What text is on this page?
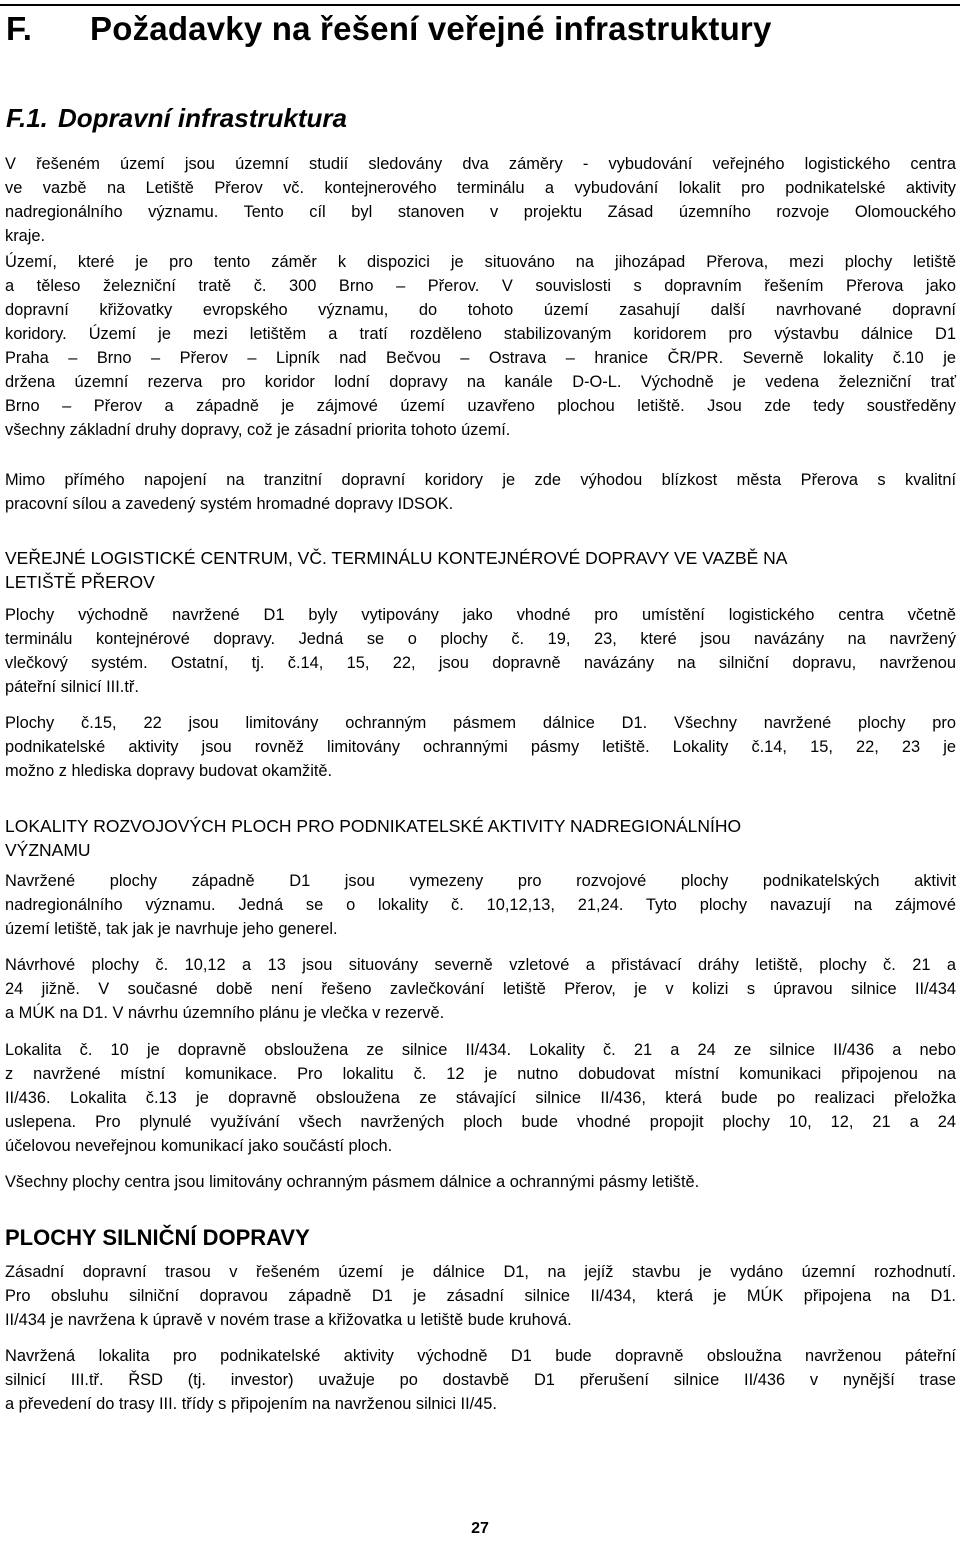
F. Požadavky na řešení veřejné infrastruktury
F.1. Dopravní infrastruktura
V řešeném území jsou územní studií sledovány dva záměry - vybudování veřejného logistického centra
ve vazbě na Letiště Přerov vč. kontejnerového terminálu a vybudování lokalit pro podnikatelské aktivity
nadregionálního významu. Tento cíl byl stanoven v projektu Zásad územního rozvoje Olomouckého
kraje.
Území, které je pro tento záměr k dispozici je situováno na jihozápad Přerova, mezi plochy letiště
a těleso železniční tratě č. 300 Brno – Přerov. V souvislosti s dopravním řešením Přerova jako
dopravní křižovatky evropského významu, do tohoto území zasahují další navrhované dopravní
koridory. Území je mezi letištěm a tratí rozděleno stabilizovaným koridorem pro výstavbu dálnice D1
Praha – Brno – Přerov – Lipník nad Bečvou – Ostrava – hranice ČR/PR. Severně lokality č.10 je
držena územní rezerva pro koridor lodní dopravy na kanále D-O-L. Východně je vedena železniční trať
Brno – Přerov a západně je zájmové území uzavřeno plochou letiště. Jsou zde tedy soustředěny
všechny základní druhy dopravy, což je zásadní priorita tohoto území.
Mimo přímého napojení na tranzitní dopravní koridory je zde výhodou blízkost města Přerova s kvalitní
pracovní sílou a zavedený systém hromadné dopravy IDSOK.
VEŘEJNÉ LOGISTICKÉ CENTRUM, VČ. TERMINÁLU KONTEJNÉROVÉ DOPRAVY VE VAZBĚ NA
LETIŠTĚ PŘEROV
Plochy východně navržené D1 byly vytipovány jako vhodné pro umístění logistického centra včetně
terminálu kontejnérové dopravy. Jedná se o plochy č. 19, 23, které jsou navázány na navržený
vlečkový systém. Ostatní, tj. č.14, 15, 22, jsou dopravně navázány na silniční dopravu, navrženou
páteřní silnicí III.tř.
Plochy č.15, 22 jsou limitovány ochranným pásmem dálnice D1. Všechny navržené plochy pro
podnikatelské aktivity jsou rovněž limitovány ochrannými pásmy letiště. Lokality č.14, 15, 22, 23 je
možno z hlediska dopravy budovat okamžitě.
LOKALITY ROZVOJOVÝCH PLOCH PRO PODNIKATELSKÉ AKTIVITY NADREGIONÁLNÍHO
VÝZNAMU
Navržené plochy západně D1 jsou vymezeny pro rozvojové plochy podnikatelských aktivit
nadregionálního významu. Jedná se o lokality č. 10,12,13, 21,24. Tyto plochy navazují na zájmové
území letiště, tak jak je navrhuje jeho generel.
Návrhové plochy č. 10,12 a 13 jsou situovány severně vzletové a přistávací dráhy letiště, plochy č. 21 a
24 jižně. V současné době není řešeno zavlečkování letiště Přerov, je v kolizi s úpravou silnice II/434
a MÚK na D1. V návrhu územního plánu je vlečka v rezervě.
Lokalita č. 10 je dopravně obsloužena ze silnice II/434. Lokality č. 21 a 24 ze silnice II/436 a nebo
z navržené místní komunikace. Pro lokalitu č. 12 je nutno dobudovat místní komunikaci připojenou na
II/436. Lokalita č.13 je dopravně obsloužena ze stávající silnice II/436, která bude po realizaci přeložka
uslepena. Pro plynulé využívání všech navržených ploch bude vhodné propojit plochy 10, 12, 21 a 24
účelovou neveřejnou komunikací jako součástí ploch.
Všechny plochy centra jsou limitovány ochranným pásmem dálnice a ochrannými pásmy letiště.
PLOCHY SILNIČNÍ DOPRAVY
Zásadní dopravní trasou v řešeném území je dálnice D1, na jejíž stavbu je vydáno územní rozhodnutí.
Pro obsluhu silniční dopravou západně D1 je zásadní silnice II/434, která je MÚK připojena na D1.
II/434 je navržena k úpravě v novém trase a křižovatka u letiště bude kruhová.
Navržená lokalita pro podnikatelské aktivity východně D1 bude dopravně obsloužna navrženou páteřní
silnicí III.tř. ŘSD (tj. investor) uvažuje po dostavbě D1 přerušení silnice II/436 v nynější trase
a převedení do trasy III. třídy s připojením na navrženou silnici II/45.
27
